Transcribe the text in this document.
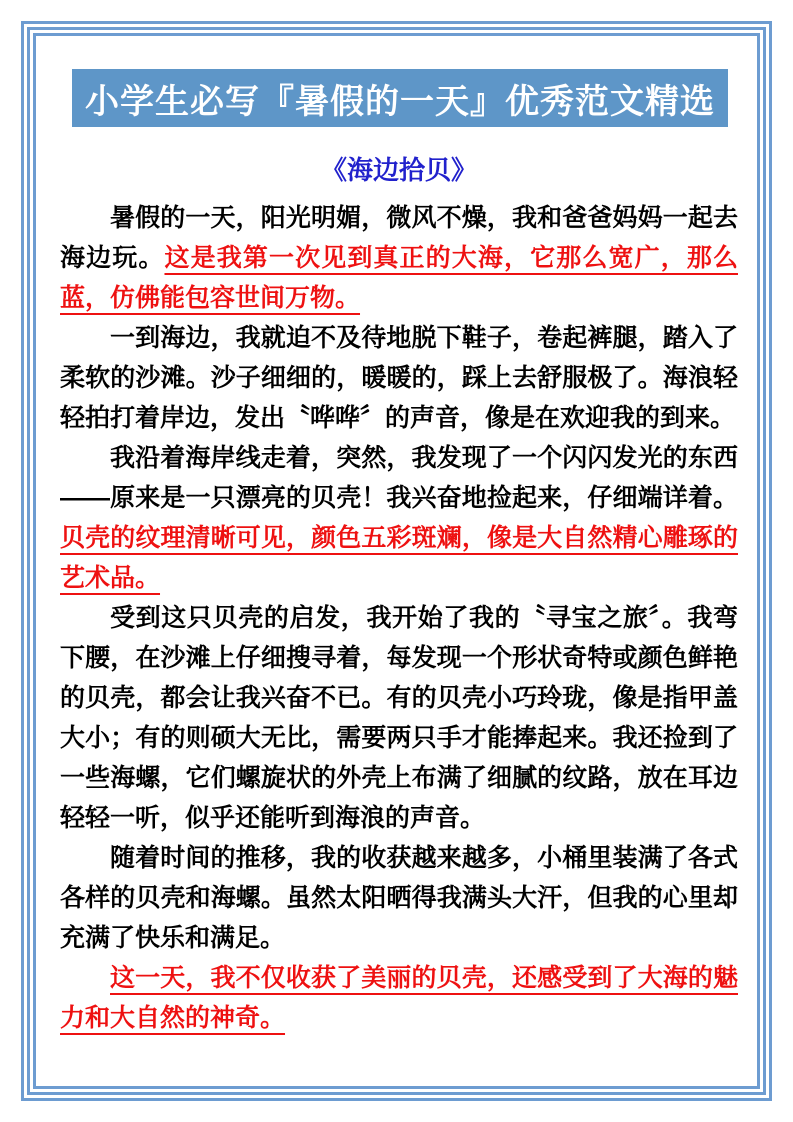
小学生必写『暑假的一天』优秀范文精选
《海边拾贝》

暑假的一天，阳光明媚，微风不燥，我和爸爸妈妈一起去海边玩。这是我第一次见到真正的大海，它那么宽广，那么蓝，仿佛能包容世间万物。

一到海边，我就迫不及待地脱下鞋子，卷起裤腿，踏入了柔软的沙滩。沙子细细的，暖暖的，踩上去舒服极了。海浪轻轻拍打着岸边，发出〝哗哗〞的声音，像是在欢迎我的到来。

我沿着海岸线走着，突然，我发现了一个闪闪发光的东西——原来是一只漂亮的贝壳！我兴奋地捡起来，仔细端详着。贝壳的纹理清晰可见，颜色五彩斑斓，像是大自然精心雕琢的艺术品。

受到这只贝壳的启发，我开始了我的〝寻宝之旅〞。我弯下腰，在沙滩上仔细搜寻着，每发现一个形状奇特或颜色鲜艳的贝壳，都会让我兴奋不已。有的贝壳小巧玲珑，像是指甲盖大小；有的则硕大无比，需要两只手才能捧起来。我还捡到了一些海螺，它们螺旋状的外壳上布满了细腻的纹路，放在耳边轻轻一听，似乎还能听到海浪的声音。

随着时间的推移，我的收获越来越多，小桶里装满了各式各样的贝壳和海螺。虽然太阳晒得我满头大汗，但我的心里却充满了快乐和满足。

这一天，我不仅收获了美丽的贝壳，还感受到了大海的魅力和大自然的神奇。
